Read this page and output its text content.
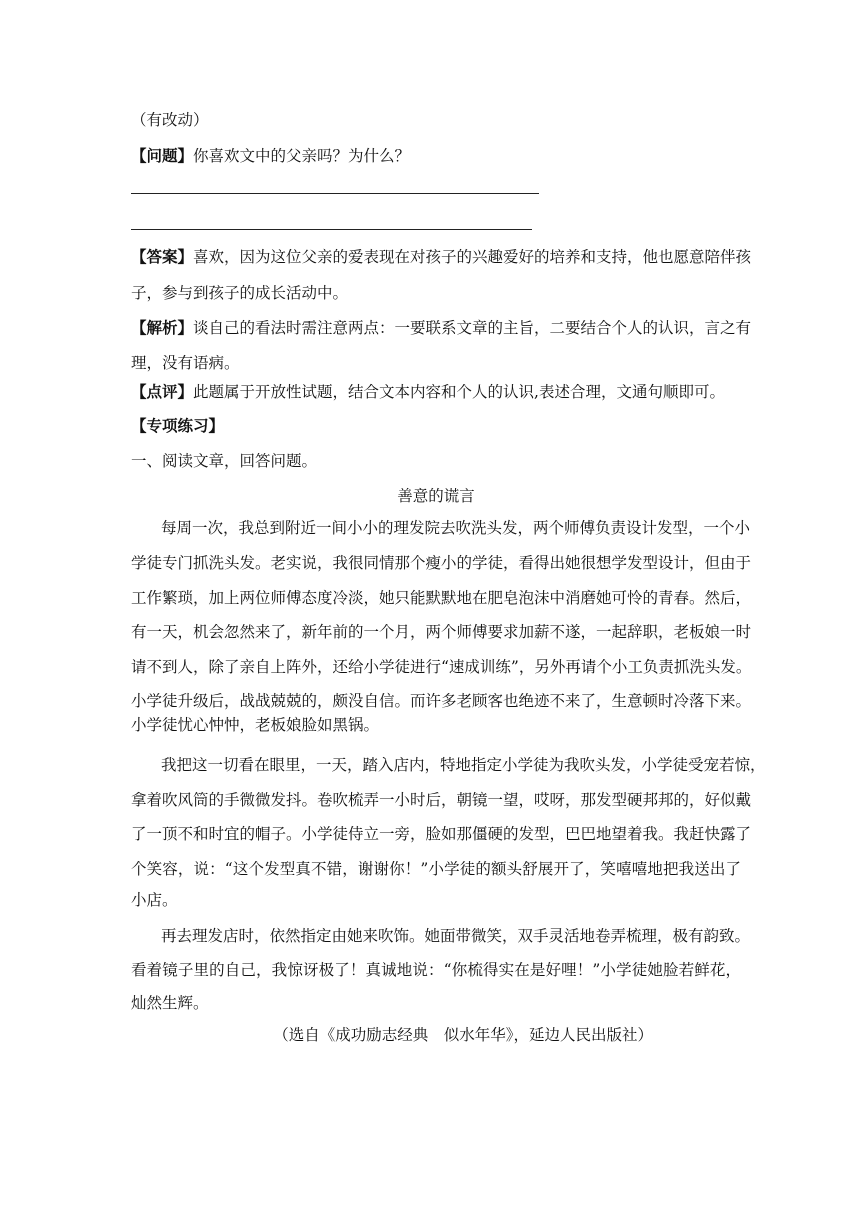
（有改动）
【问题】你喜欢文中的父亲吗？为什么？
【答案】喜欢，因为这位父亲的爱表现在对孩子的兴趣爱好的培养和支持，他也愿意陪伴孩
子，参与到孩子的成长活动中。
【解析】谈自己的看法时需注意两点：一要联系文章的主旨，二要结合个人的认识，言之有
理，没有语病。
【点评】此题属于开放性试题，结合文本内容和个人的认识,表述合理，文通句顺即可。
【专项练习】
一、阅读文章，回答问题。
善意的谎言
每周一次，我总到附近一间小小的理发院去吹洗头发，两个师傅负责设计发型，一个小
学徒专门抓洗头发。老实说，我很同情那个瘦小的学徒，看得出她很想学发型设计，但由于
工作繁琐，加上两位师傅态度冷淡，她只能默默地在肥皂泡沫中消磨她可怜的青春。然后，
有一天，机会忽然来了，新年前的一个月，两个师傅要求加薪不遂，一起辞职，老板娘一时
请不到人，除了亲自上阵外，还给小学徒进行“速成训练”，另外再请个小工负责抓洗头发。
小学徒升级后，战战兢兢的，颇没自信。而许多老顾客也绝迹不来了，生意顿时冷落下来。
小学徒忧心忡忡，老板娘脸如黑锅。
我把这一切看在眼里，一天，踏入店内，特地指定小学徒为我吹头发，小学徒受宠若惊，
拿着吹风筒的手微微发抖。卷吹梳弄一小时后，朝镜一望，哎呀，那发型硬邦邦的，好似戴
了一顶不和时宜的帽子。小学徒侍立一旁，脸如那僵硬的发型，巴巴地望着我。我赶快露了
个笑容，说：“这个发型真不错，谢谢你！”小学徒的额头舒展开了，笑嘻嘻地把我送出了
小店。
再去理发店时，依然指定由她来吹饰。她面带微笑，双手灵活地卷弄梳理，极有韵致。
看着镜子里的自己，我惊讶极了！真诚地说：“你梳得实在是好哩！”小学徒她脸若鲜花，
灿然生辉。
（选自《成功励志经典　似水年华》，延边人民出版社）
